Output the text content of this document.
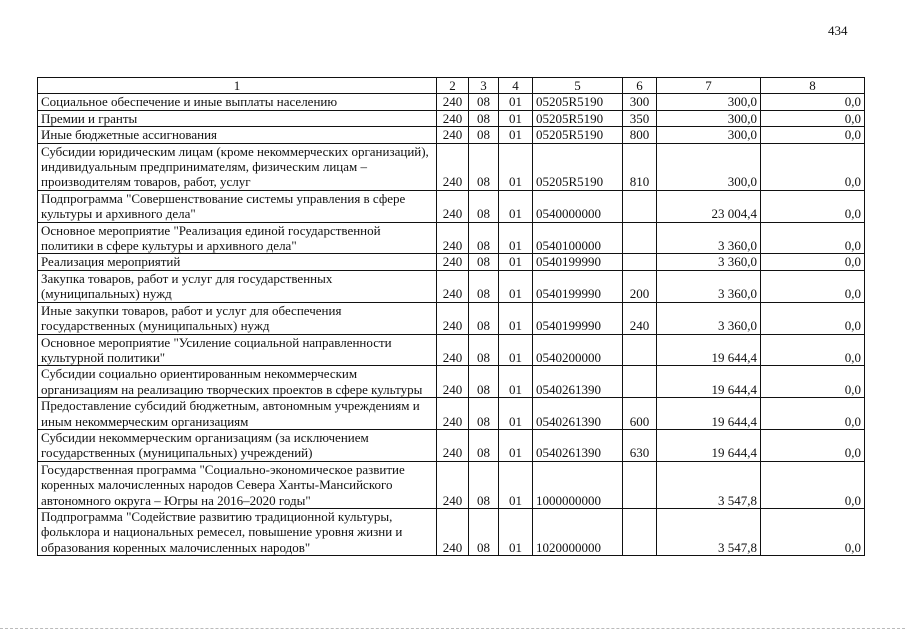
434
1	2	3	4	5	6	7	8
Социальное обеспечение и иные выплаты населению	240	08	01	05205R5190	300	300,0	0,0
Премии и гранты	240	08	01	05205R5190	350	300,0	0,0
Иные бюджетные ассигнования	240	08	01	05205R5190	800	300,0	0,0
Субсидии юридическим лицам (кроме некоммерческих организаций), индивидуальным предпринимателям, физическим лицам – производителям товаров, работ, услуг	240	08	01	05205R5190	810	300,0	0,0
Подпрограмма "Совершенствование системы управления в сфере культуры и архивного дела"	240	08	01	0540000000		23 004,4	0,0
Основное мероприятие "Реализация единой государственной политики в сфере культуры и архивного дела"	240	08	01	0540100000		3 360,0	0,0
Реализация мероприятий	240	08	01	0540199990		3 360,0	0,0
Закупка товаров, работ и услуг для государственных (муниципальных) нужд	240	08	01	0540199990	200	3 360,0	0,0
Иные закупки товаров, работ и услуг для обеспечения государственных (муниципальных) нужд	240	08	01	0540199990	240	3 360,0	0,0
Основное мероприятие "Усиление социальной направленности культурной политики"	240	08	01	0540200000		19 644,4	0,0
Субсидии социально ориентированным некоммерческим организациям на реализацию творческих проектов в сфере культуры	240	08	01	0540261390		19 644,4	0,0
Предоставление субсидий бюджетным, автономным учреждениям и иным некоммерческим организациям	240	08	01	0540261390	600	19 644,4	0,0
Субсидии некоммерческим организациям (за исключением государственных (муниципальных) учреждений)	240	08	01	0540261390	630	19 644,4	0,0
Государственная программа "Социально-экономическое развитие коренных малочисленных народов Севера Ханты-Мансийского автономного округа – Югры на 2016–2020 годы"	240	08	01	1000000000		3 547,8	0,0
Подпрограмма "Содействие развитию традиционной культуры, фольклора и национальных ремесел, повышение уровня жизни и образования коренных малочисленных народов"	240	08	01	1020000000		3 547,8	0,0
